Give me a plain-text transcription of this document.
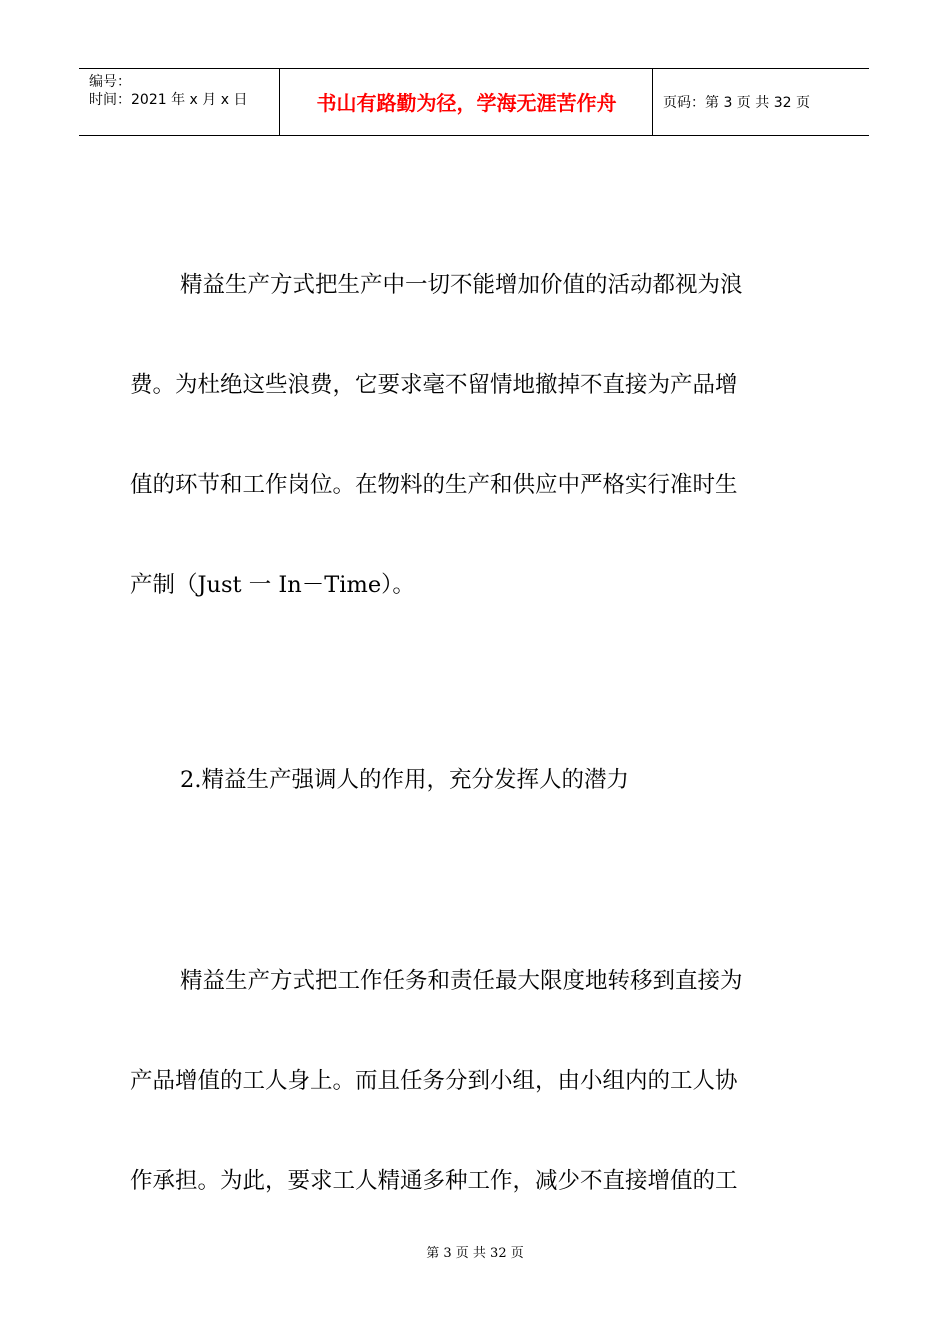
编号：
时间：2021 年 x 月 x 日	书山有路勤为径，学海无涯苦作舟	页码：第 3 页 共 32 页
精益生产方式把生产中一切不能增加价值的活动都视为浪
费。为杜绝这些浪费，它要求毫不留情地撤掉不直接为产品增
值的环节和工作岗位。在物料的生产和供应中严格实行准时生
产制（Just 一 In－Time）。
2.精益生产强调人的作用，充分发挥人的潜力
精益生产方式把工作任务和责任最大限度地转移到直接为
产品增值的工人身上。而且任务分到小组，由小组内的工人协
作承担。为此，要求工人精通多种工作，减少不直接增值的工
第 3 页 共 32 页
